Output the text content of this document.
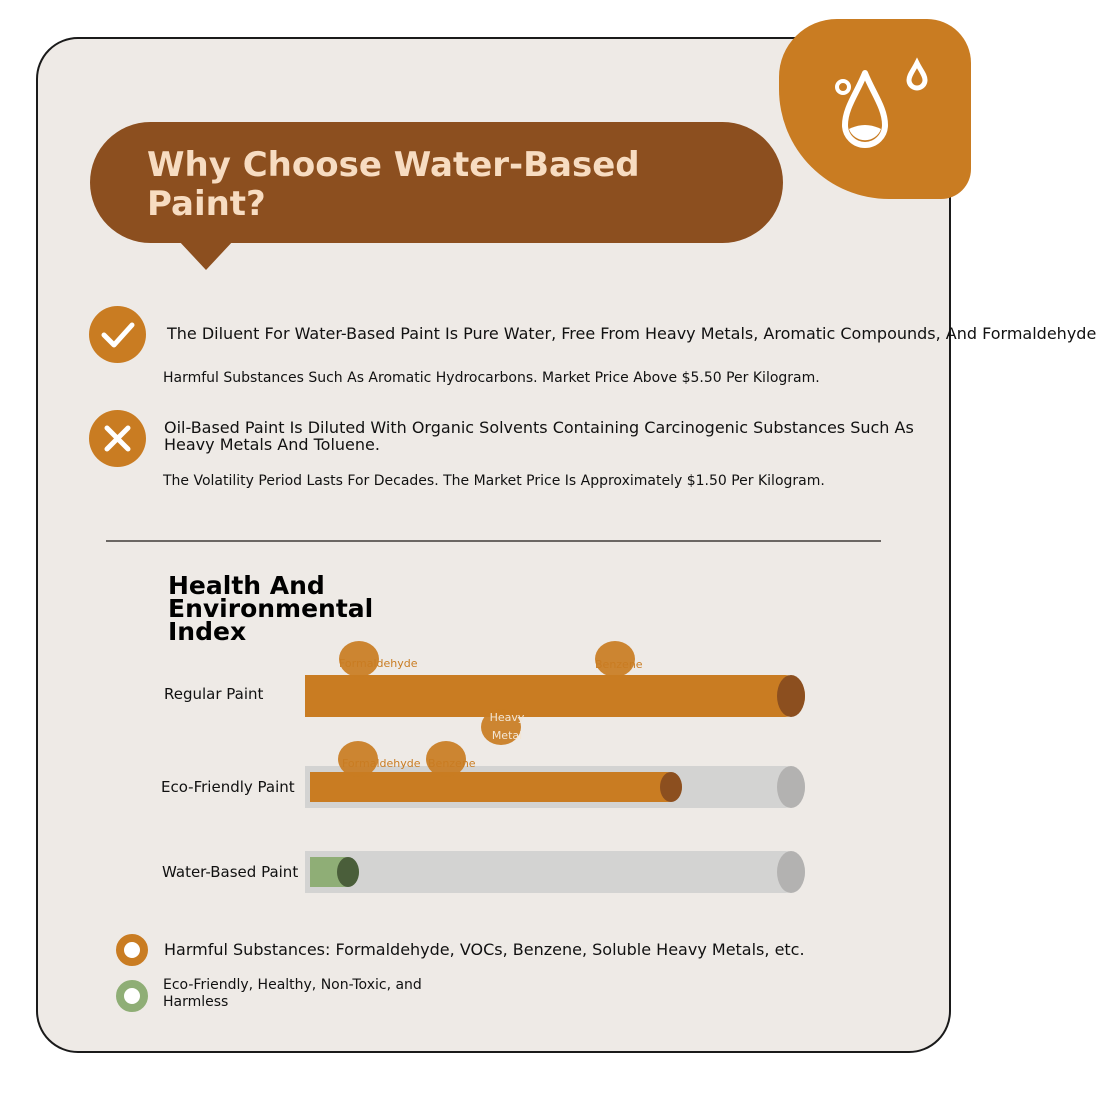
Why Choose Water-Based Paint?

The Diluent For Water-Based Paint Is Pure Water, Free From Heavy Metals, Aromatic Compounds, And Formaldehyde

Harmful Substances Such As Aromatic Hydrocarbons. Market Price Above $5.50 Per Kilogram.

Oil-Based Paint Is Diluted With Organic Solvents Containing Carcinogenic Substances Such As Heavy Metals And Toluene.

The Volatility Period Lasts For Decades. The Market Price Is Approximately $1.50 Per Kilogram.

Health And Environmental Index
Regular Paint
Formaldehyde	Benzene
Heavy Metal
Eco-Friendly Paint
Formaldehyde Benzene
Water-Based Paint

Harmful Substances: Formaldehyde, VOCs, Benzene, Soluble Heavy Metals, etc.

Eco-Friendly, Healthy, Non-Toxic, and Harmless
